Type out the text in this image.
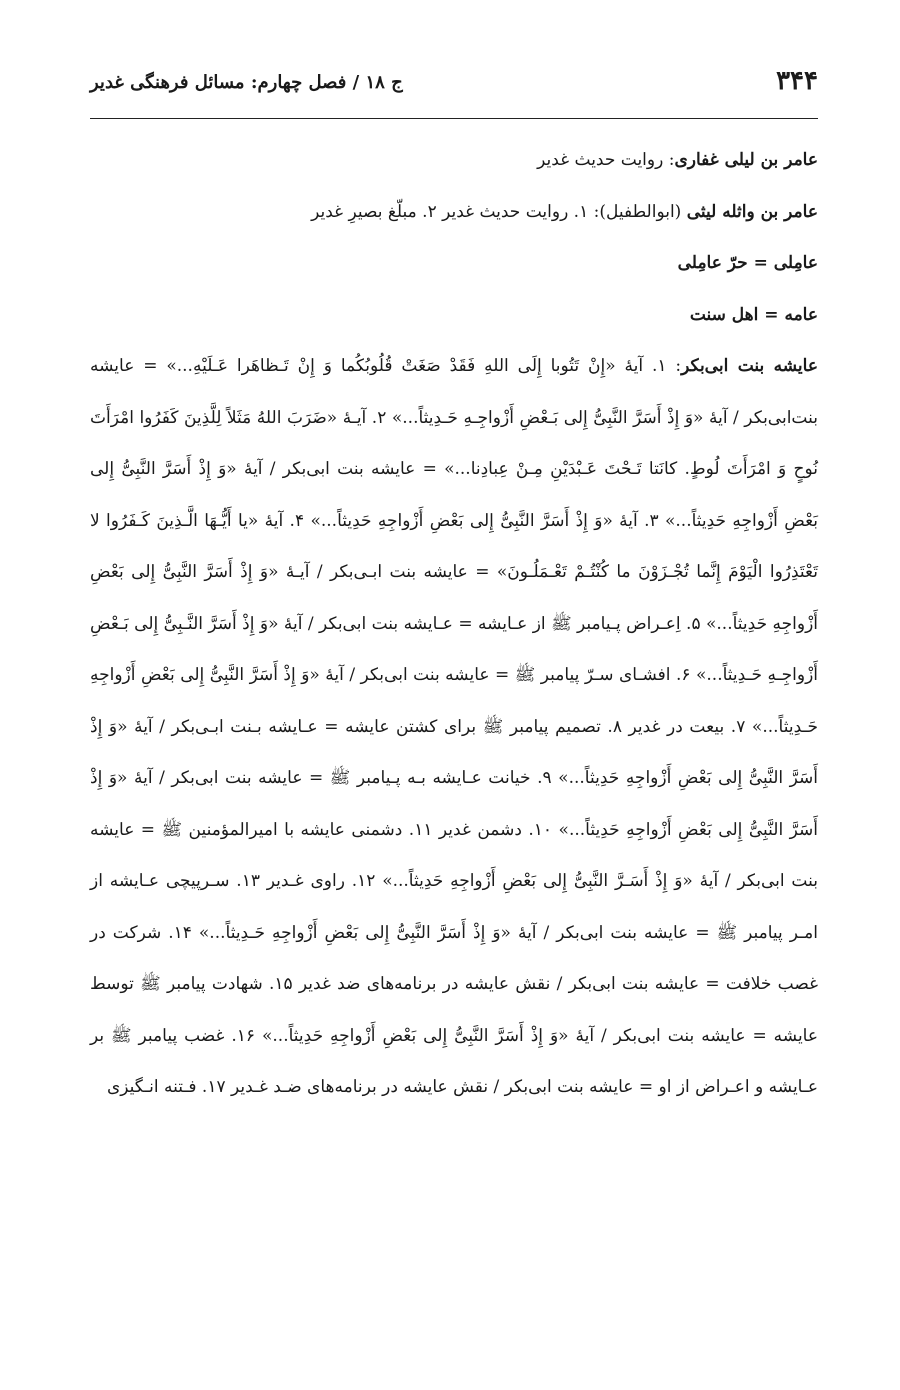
۳۴۴
ج ۱۸ / فصل چهارم: مسائل فرهنگی غدیر

عامر بن لیلی غفاری: روایت حدیث غدیر

عامر بن واثله لیثی (ابوالطفیل): ۱. روایت حدیث غدیر ۲. مبلّغ بصیرِ غدیر

عامِلی = حرّ عامِلی

عامه = اهل سنت

عایشه بنت ابی‌بکر: ۱. آیهٔ «إِنْ تَتُوبا إِلَی اللهِ فَقَدْ صَغَتْ قُلُوبُکُما وَ إِنْ تَـظاهَرا عَـلَیْهِ...» = عایشه بنت‌ابی‌بکر / آیهٔ «وَ إِذْ أَسَرَّ النَّبِیُّ إِلی بَـعْضِ أَزْواجِـهِ حَـدِیثاً...» ۲. آیـهٔ «ضَرَبَ اللهُ مَثَلاً لِلَّذِینَ کَفَرُوا امْرَأَتَ نُوحٍ وَ امْرَأَتَ لُوطٍ. کانَتا تَـحْتَ عَـبْدَیْنِ مِـنْ عِبادِنا...» = عایشه بنت ابی‌بکر / آیهٔ «وَ إِذْ أَسَرَّ النَّبِیُّ إِلی بَعْضِ أَزْواجِهِ حَدِیثاً...» ۳. آیهٔ «وَ إِذْ أَسَرَّ النَّبِیُّ إِلی بَعْضِ أَزْواجِهِ حَدِیثاً...» ۴. آیهٔ «یا أَیُّـهَا الَّـذِینَ کَـفَرُوا لا تَعْتَذِرُوا الْیَوْمَ إِنَّما تُجْـزَوْنَ ما کُنْتُـمْ تَعْـمَلُـونَ» = عایشه بنت ابـی‌بکر / آیـهٔ «وَ إِذْ أَسَرَّ النَّبِیُّ إِلی بَعْضِ أَزْواجِهِ حَدِیثاً...» ۵. اِعـراض پـیامبر ﷺ از عـایشه = عـایشه بنت ابی‌بکر / آیهٔ «وَ إِذْ أَسَرَّ النَّـبِیُّ إِلی بَـعْضِ أَزْواجِـهِ حَـدِیثاً...» ۶. افشـای سـرّ پیامبر ﷺ = عایشه بنت ابی‌بکر / آیهٔ «وَ إِذْ أَسَرَّ النَّبِیُّ إِلی بَعْضِ أَزْواجِهِ حَـدِیثاً...» ۷. بیعت در غدیر ۸. تصمیم پیامبر ﷺ برای کشتن عایشه = عـایشه بـنت ابـی‌بکر / آیهٔ «وَ إِذْ أَسَرَّ النَّبِیُّ إِلی بَعْضِ أَزْواجِهِ حَدِیثاً...» ۹. خیانت عـایشه بـه پـیامبر ﷺ = عایشه بنت ابی‌بکر / آیهٔ «وَ إِذْ أَسَرَّ النَّبِیُّ إِلی بَعْضِ أَزْواجِهِ حَدِیثاً...» ۱۰. دشمن غدیر ۱۱. دشمنی عایشه با امیرالمؤمنین ﷺ = عایشه بنت ابی‌بکر / آیهٔ «وَ إِذْ أَسَـرَّ النَّبِیُّ إِلی بَعْضِ أَزْواجِهِ حَدِیثاً...» ۱۲. راوی غـدیر ۱۳. سـرپیچی عـایشه از امـر پیامبر ﷺ = عایشه بنت ابی‌بکر / آیهٔ «وَ إِذْ أَسَرَّ النَّبِیُّ إِلی بَعْضِ أَزْواجِهِ حَـدِیثاً...» ۱۴. شرکت در غصب خلافت = عایشه بنت ابی‌بکر / نقش عایشه در برنامه‌های ضد غدیر ۱۵. شهادت پیامبر ﷺ توسط عایشه = عایشه بنت ابی‌بکر / آیهٔ «وَ إِذْ أَسَرَّ النَّبِیُّ إِلی بَعْضِ أَزْواجِهِ حَدِیثاً...» ۱۶. غضب پیامبر ﷺ بر عـایشه و اعـراض از او = عایشه بنت ابی‌بکر / نقش عایشه در برنامه‌های ضـد غـدیر ۱۷. فـتنه انـگیزی
